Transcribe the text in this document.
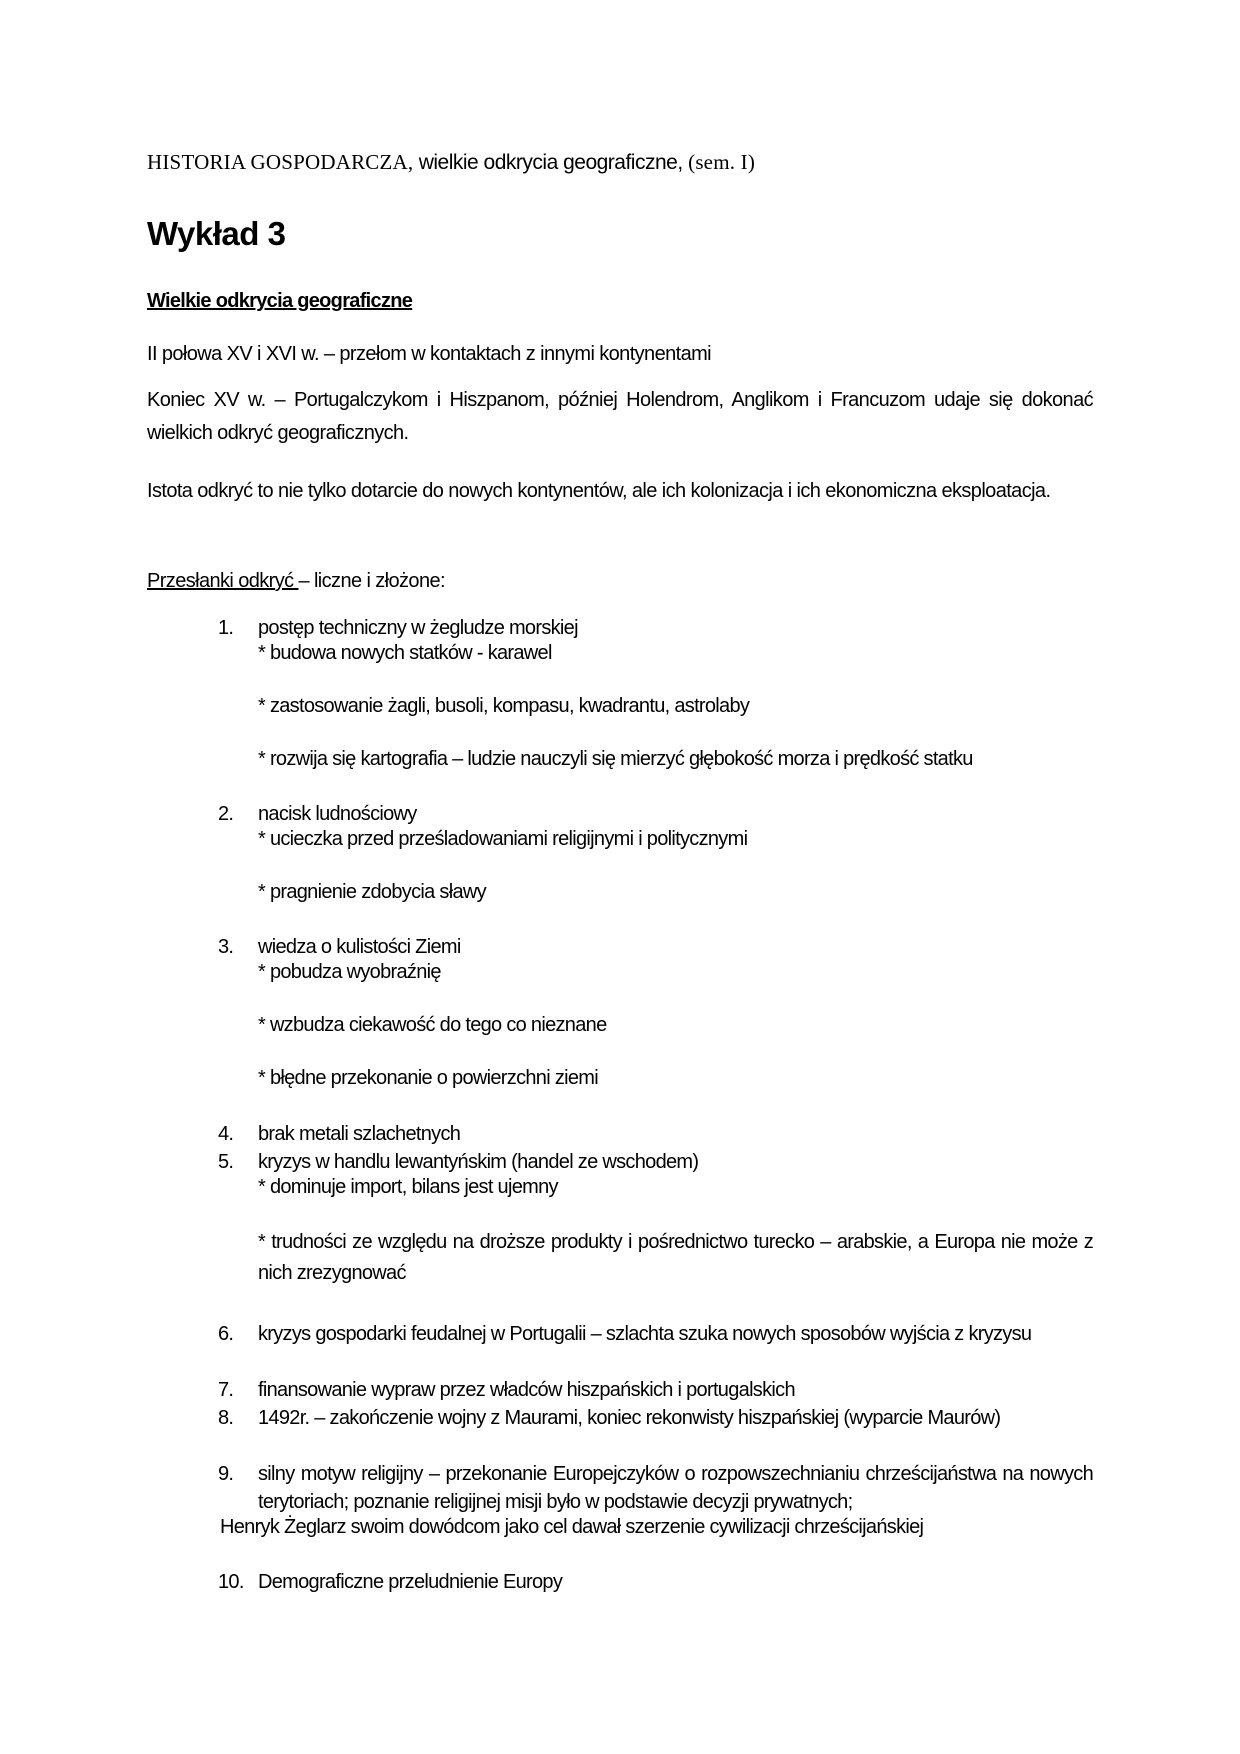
HISTORIA GOSPODARCZA, wielkie odkrycia geograficzne, (sem. I)
Wykład 3
Wielkie odkrycia geograficzne
II połowa XV i XVI w. – przełom w kontaktach z innymi kontynentami
Koniec XV w. – Portugalczykom i Hiszpanom, później Holendrom, Anglikom i Francuzom udaje się dokonać wielkich odkryć geograficznych.
Istota odkryć to nie tylko dotarcie do nowych kontynentów, ale ich kolonizacja i ich ekonomiczna eksploatacja.
Przesłanki odkryć – liczne i złożone:
1. postęp techniczny w żegludze morskiej
* budowa nowych statków - karawel
* zastosowanie żagli, busoli, kompasu, kwadrantu, astrolaby
* rozwija się kartografia – ludzie nauczyli się mierzyć głębokość morza i prędkość statku
2. nacisk ludnościowy
* ucieczka przed prześladowaniami religijnymi i politycznymi
* pragnienie zdobycia sławy
3. wiedza o kulistości Ziemi
* pobudza wyobraźnię
* wzbudza ciekawość do tego co nieznane
* błędne przekonanie o powierzchni ziemi
4. brak metali szlachetnych
5. kryzys w handlu lewantyńskim (handel ze wschodem)
* dominuje import, bilans jest ujemny
* trudności ze względu na droższe produkty i pośrednictwo turecko – arabskie, a Europa nie może z nich zrezygnować
6. kryzys gospodarki feudalnej w Portugalii – szlachta szuka nowych sposobów wyjścia z kryzysu
7. finansowanie wypraw przez władców hiszpańskich i portugalskich
8. 1492r. – zakończenie wojny z Maurami, koniec rekonwisty hiszpańskiej (wyparcie Maurów)
9. silny motyw religijny – przekonanie Europejczyków o rozpowszechnianiu chrześcijaństwa na nowych terytoriach; poznanie religijnej misji było w podstawie decyzji prywatnych;
Henryk Żeglarz swoim dowódcom jako cel dawał szerzenie cywilizacji chrześcijańskiej
10. Demograficzne przeludnienie Europy
